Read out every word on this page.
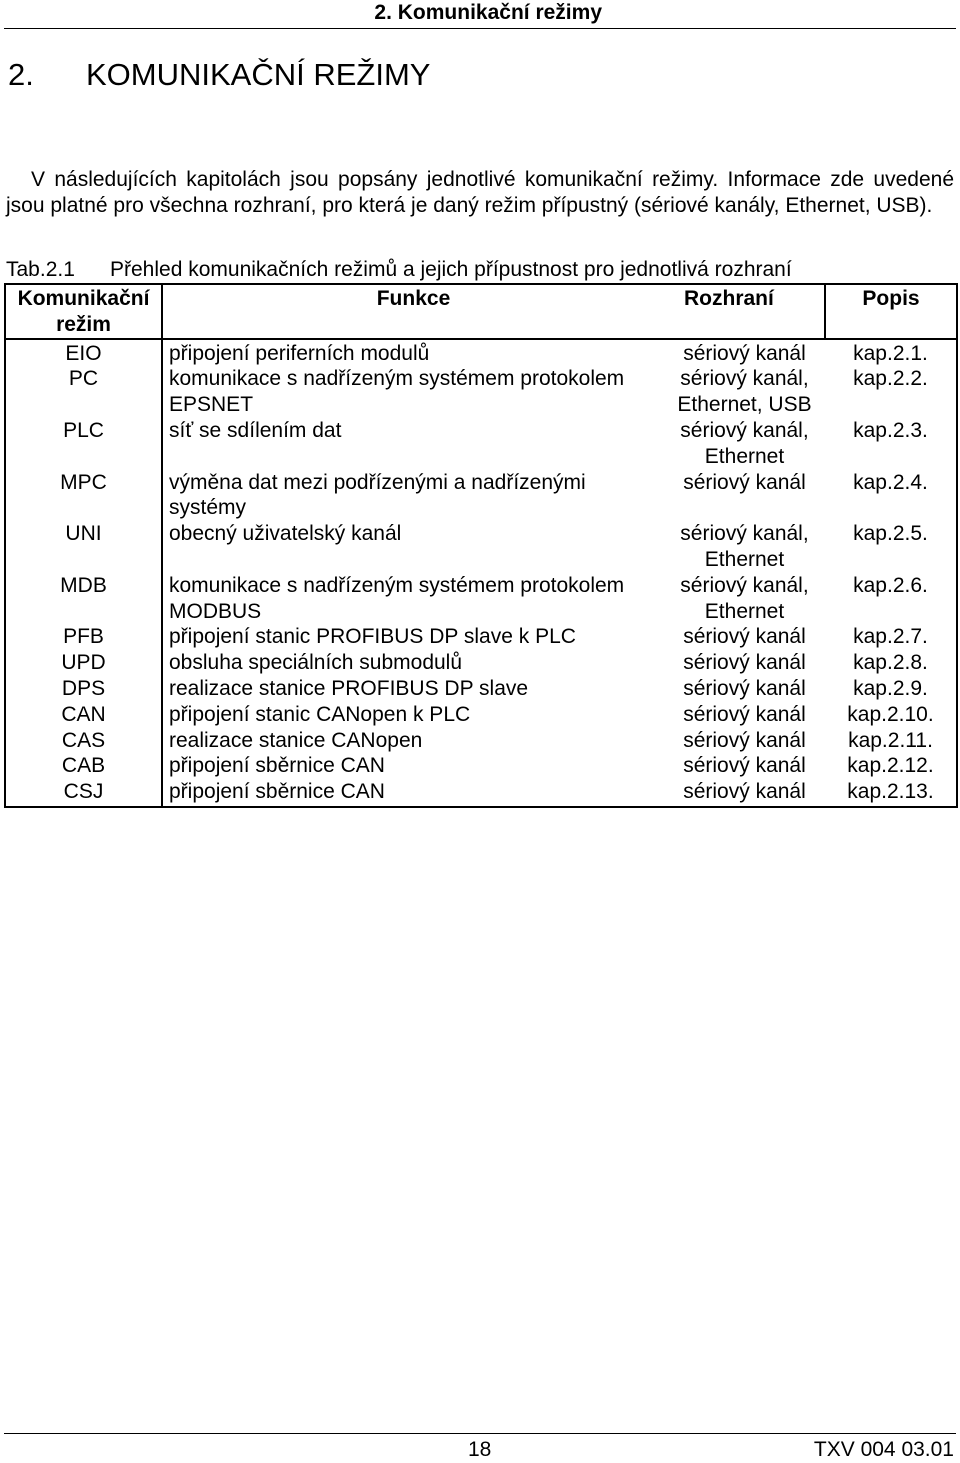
2. Komunikační režimy
2. KOMUNIKAČNÍ REŽIMY
V následujících kapitolách jsou popsány jednotlivé komunikační režimy. Informace zde uvedené jsou platné pro všechna rozhraní, pro která je daný režim přípustný (sériové kanály, Ethernet, USB).
Tab.2.1 Přehled komunikačních režimů a jejich přípustnost pro jednotlivá rozhraní
Komunikační
režim	Funkce	Rozhraní	Popis
EIO	připojení periferních modulů	sériový kanál	kap.2.1.
PC	komunikace s nadřízeným systémem protokolem EPSNET	sériový kanál, Ethernet, USB	kap.2.2.
PLC	síť se sdílením dat	sériový kanál, Ethernet	kap.2.3.
MPC	výměna dat mezi podřízenými a nadřízenými systémy	sériový kanál	kap.2.4.
UNI	obecný uživatelský kanál	sériový kanál, Ethernet	kap.2.5.
MDB	komunikace s nadřízeným systémem protokolem MODBUS	sériový kanál, Ethernet	kap.2.6.
PFB	připojení stanic PROFIBUS DP slave k PLC	sériový kanál	kap.2.7.
UPD	obsluha speciálních submodulů	sériový kanál	kap.2.8.
DPS	realizace stanice PROFIBUS DP slave	sériový kanál	kap.2.9.
CAN	připojení stanic CANopen k PLC	sériový kanál	kap.2.10.
CAS	realizace stanice CANopen	sériový kanál	kap.2.11.
CAB	připojení sběrnice CAN	sériový kanál	kap.2.12.
CSJ	připojení sběrnice CAN	sériový kanál	kap.2.13.
18	TXV 004 03.01
